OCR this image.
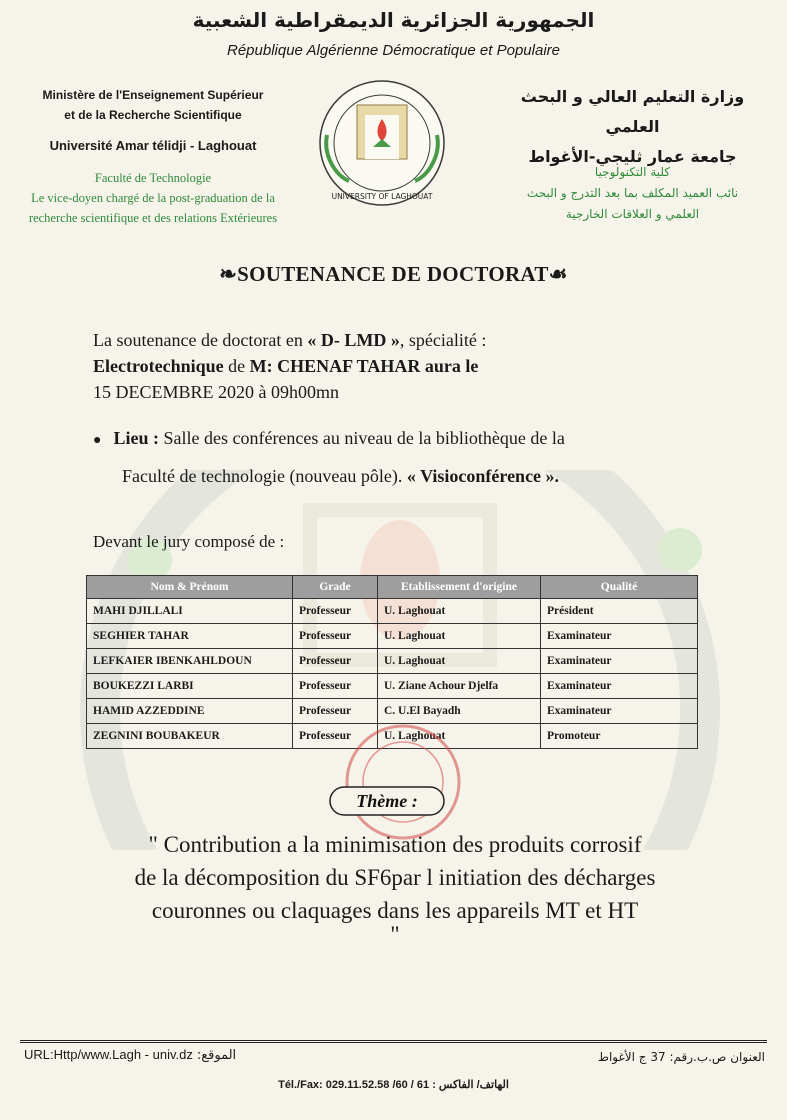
الجمهورية الجزائرية الديمقراطية الشعبية
République Algérienne Démocratique et Populaire
Ministère de l'Enseignement Supérieur
et de la Recherche Scientifique
Université Amar télidji - Laghouat
Faculté de Technologie
Le vice-doyen chargé de la post-graduation de la
recherche scientifique et des relations Extérieures
UNIVERSITY OF LAGHOUAT
وزارة التعليم العالي و البحث العلمي
جامعة عمار ثليجي-الأغواط
كلية التكنولوجيا
نائب العميد المكلف بما بعد التدرج و البحث
العلمي و العلاقات الخارجية
❧SOUTENANCE DE DOCTORAT☙
La soutenance de doctorat en « D- LMD », spécialité :
Electrotechnique de M: CHENAF TAHAR aura le
15 DECEMBRE 2020 à 09h00mn
● Lieu : Salle des conférences au niveau de la bibliothèque de la
Faculté de technologie (nouveau pôle). « Visioconférence ».
Devant le jury composé de :
Nom & Prénom	Grade	Etablissement d'origine	Qualité
MAHI DJILLALI	Professeur	U. Laghouat	Président
SEGHIER TAHAR	Professeur	U. Laghouat	Examinateur
LEFKAIER IBENKAHLDOUN	Professeur	U. Laghouat	Examinateur
BOUKEZZI LARBI	Professeur	U. Ziane Achour Djelfa	Examinateur
HAMID AZZEDDINE	Professeur	C. U.El Bayadh	Examinateur
ZEGNINI BOUBAKEUR	Professeur	U. Laghouat	Promoteur
Thème :
" Contribution a la minimisation des produits corrosif
de la décomposition du SF6par l initiation des décharges
couronnes ou claquages dans les appareils MT et HT
"
URL:Http/www.Lagh - univ.dz :الموقع	العنوان ص.ب.رقم: 37 ج الأغواط
Tél./Fax: 029.11.52.58 /60 / 61 : الهاتف/ الفاكس
